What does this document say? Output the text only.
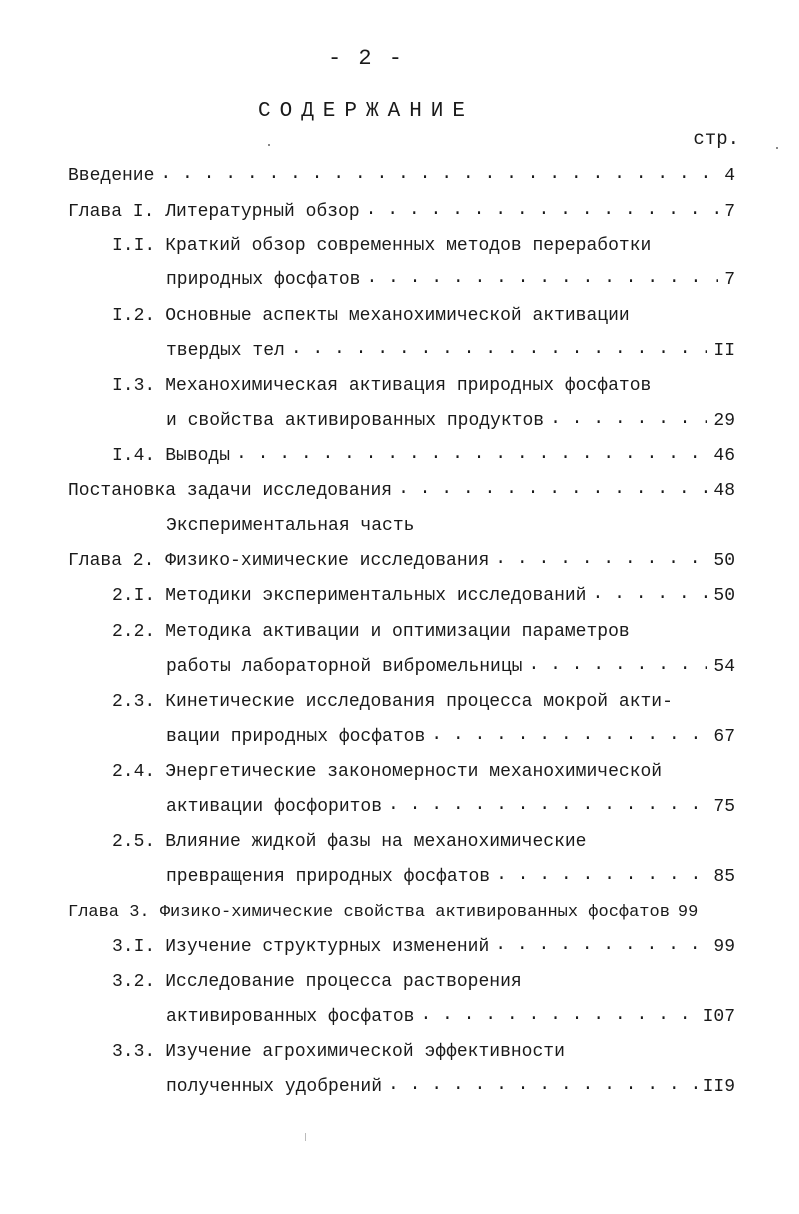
- 2 -
СОДЕРЖАНИЕ
стр.
Введение . . .	4
Глава I. Литературный обзор . . .	7
I.I. Краткий обзор современных методов переработки
природных фосфатов . . .	7
I.2. Основные аспекты механохимической активации
твердых тел . . .	II
I.3. Механохимическая активация природных фосфатов
и свойства активированных продуктов . . .	29
I.4. Выводы . . .	46
Постановка задачи исследования . . .	48
Экспериментальная часть
Глава 2. Физико-химические исследования . . .	50
2.I. Методики экспериментальных исследований . . .	50
2.2. Методика активации и оптимизации параметров
работы лабораторной вибромельницы . . .	54
2.3. Кинетические исследования процесса мокрой акти-
вации природных фосфатов . . .	67
2.4. Энергетические закономерности механохимической
активации фосфоритов . . .	75
2.5. Влияние жидкой фазы на механохимические
превращения природных фосфатов . . .	85
Глава 3. Физико-химические свойства активированных фосфатов 99
3.I. Изучение структурных изменений . . .	99
3.2. Исследование процесса растворения
активированных фосфатов . . .	I07
3.3. Изучение агрохимической эффективности
полученных удобрений . . .	II9
